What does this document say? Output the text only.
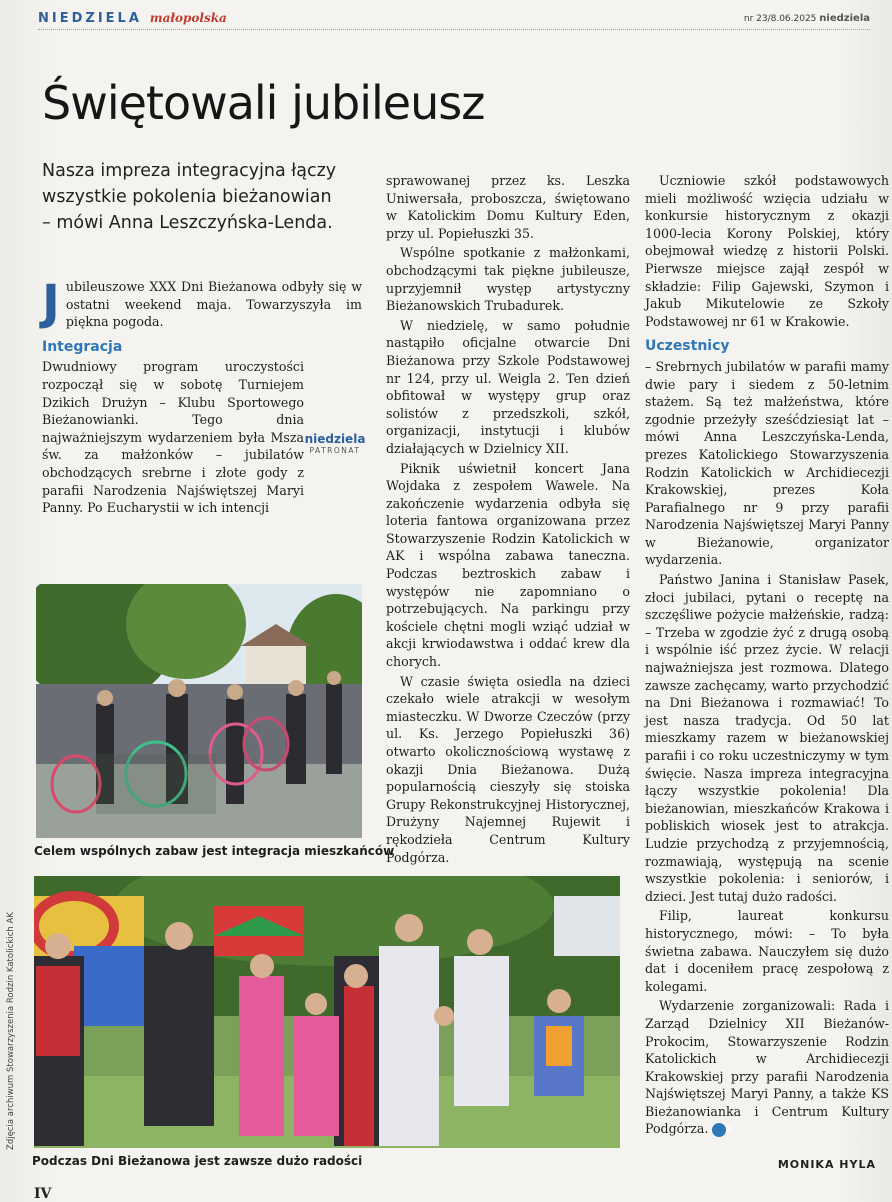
NIEDZIELA małopolska	nr 23/8.06.2025 niedziela
Świętowali jubileusz
Nasza impreza integracyjna łączy wszystkie pokolenia bieżanowian – mówi Anna Leszczyńska-Lenda.

Jubileuszowe XXX Dni Bieżanowa odbyły się w ostatni weekend maja. Towarzyszyła im piękna pogoda.

Integracja

Dwudniowy program uroczystości rozpoczął się w sobotę Turniejem Dzikich Drużyn – Klubu Sportowego Bieżanowianki. Tego dnia najważniejszym wydarzeniem była Msza św. za małżonków – jubilatów obchodzących srebrne i złote gody z parafii Narodzenia Najświętszej Maryi Panny. Po Eucharystii w ich intencji

niedziela
PATRONAT
Celem wspólnych zabaw jest integracja mieszkańców

sprawowanej przez ks. Leszka Uniwersała, proboszcza, świętowano w Katolickim Domu Kultury Eden, przy ul. Popiełuszki 35.

Wspólne spotkanie z małżonkami, obchodzącymi tak piękne jubileusze, uprzyjemnił występ artystyczny Bieżanowskich Trubadurek.

W niedzielę, w samo południe nastąpiło oficjalne otwarcie Dni Bieżanowa przy Szkole Podstawowej nr 124, przy ul. Weigla 2. Ten dzień obfitował w występy grup oraz solistów z przedszkoli, szkół, organizacji, instytucji i klubów działających w Dzielnicy XII.

Piknik uświetnił koncert Jana Wojdaka z zespołem Wawele. Na zakończenie wydarzenia odbyła się loteria fantowa organizowana przez Stowarzyszenie Rodzin Katolickich w AK i wspólna zabawa taneczna. Podczas beztroskich zabaw i występów nie zapomniano o potrzebujących. Na parkingu przy kościele chętni mogli wziąć udział w akcji krwiodawstwa i oddać krew dla chorych.

W czasie święta osiedla na dzieci czekało wiele atrakcji w wesołym miasteczku. W Dworze Czeczów (przy ul. Ks. Jerzego Popiełuszki 36) otwarto okolicznościową wystawę z okazji Dnia Bieżanowa. Dużą popularnością cieszyły się stoiska Grupy Rekonstrukcyjnej Historycznej, Drużyny Najemnej Rujewit i rękodzieła Centrum Kultury Podgórza.

Uczniowie szkół podstawowych mieli możliwość wzięcia udziału w konkursie historycznym z okazji 1000-lecia Korony Polskiej, który obejmował wiedzę z historii Polski. Pierwsze miejsce zajął zespół w składzie: Filip Gajewski, Szymon i Jakub Mikutelowie ze Szkoły Podstawowej nr 61 w Krakowie.

Uczestnicy

– Srebrnych jubilatów w parafii mamy dwie pary i siedem z 50-letnim stażem. Są też małżeństwa, które zgodnie przeżyły sześćdziesiąt lat – mówi Anna Leszczyńska-Lenda, prezes Katolickiego Stowarzyszenia Rodzin Katolickich w Archidiecezji Krakowskiej, prezes Koła Parafialnego nr 9 przy parafii Narodzenia Najświętszej Maryi Panny w Bieżanowie, organizator wydarzenia.

Państwo Janina i Stanisław Pasek, złoci jubilaci, pytani o receptę na szczęśliwe pożycie małżeńskie, radzą: – Trzeba w zgodzie żyć z drugą osobą i wspólnie iść przez życie. W relacji najważniejsza jest rozmowa. Dlatego zawsze zachęcamy, warto przychodzić na Dni Bieżanowa i rozmawiać! To jest nasza tradycja. Od 50 lat mieszkamy razem w bieżanowskiej parafii i co roku uczestniczymy w tym święcie. Nasza impreza integracyjna łączy wszystkie pokolenia! Dla bieżanowian, mieszkańców Krakowa i pobliskich wiosek jest to atrakcja. Ludzie przychodzą z przyjemnością, rozmawiają, występują na scenie wszystkie pokolenia: i seniorów, i dzieci. Jest tutaj dużo radości.

Filip, laureat konkursu historycznego, mówi: – To była świetna zabawa. Nauczyłem się dużo dat i doceniłem pracę zespołową z kolegami.

Wydarzenie zorganizowali: Rada i Zarząd Dzielnicy XII Bieżanów-Prokocim, Stowarzyszenie Rodzin Katolickich w Archidiecezji Krakowskiej przy parafii Narodzenia Najświętszej Maryi Panny, a także KS Bieżanowianka i Centrum Kultury Podgórza. n

Podczas Dni Bieżanowa jest zawsze dużo radości
Zdjęcia archiwum Stowarzyszenia Rodzin Katolickich AK
MONIKA HYLA
IV
